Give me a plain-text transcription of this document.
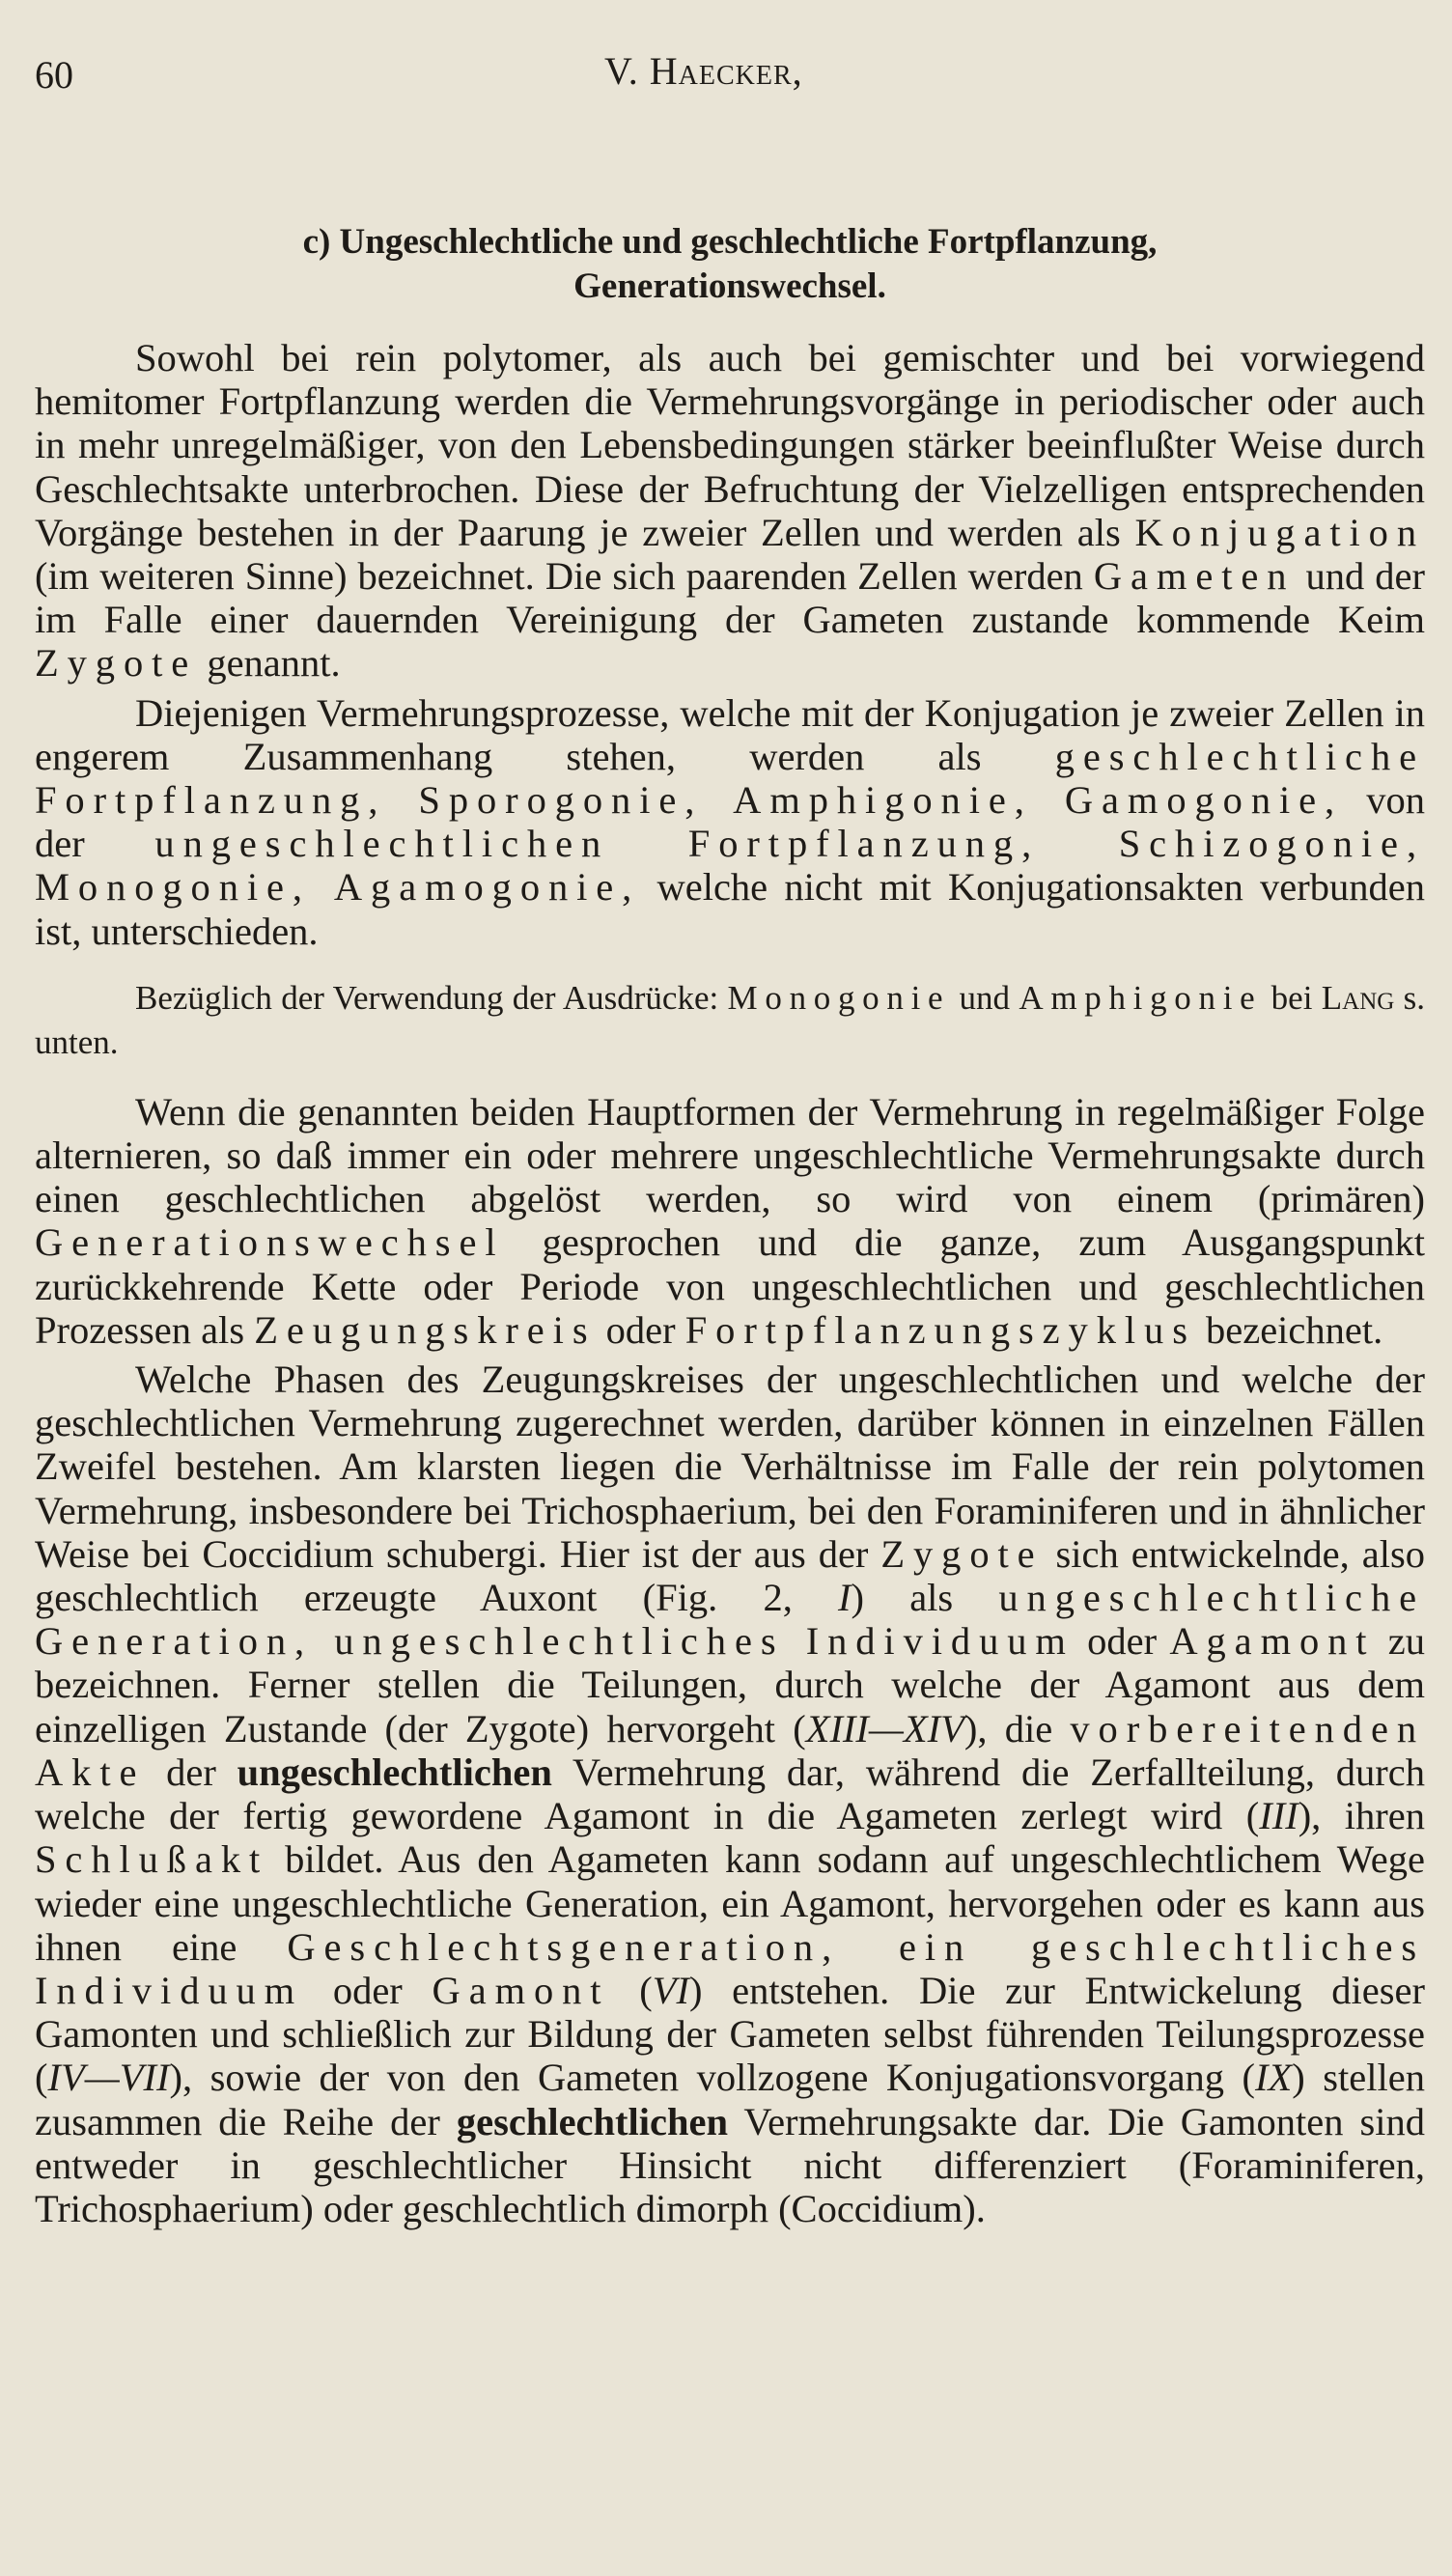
60	V. Haecker,
c) Ungeschlechtliche und geschlechtliche Fortpflanzung,
Generationswechsel.

Sowohl bei rein polytomer, als auch bei gemischter und bei vorwiegend hemitomer Fortpflanzung werden die Vermehrungsvorgänge in periodischer oder auch in mehr unregelmäßiger, von den Lebensbedingungen stärker beeinflußter Weise durch Geschlechtsakte unterbrochen. Diese der Befruchtung der Vielzelligen entsprechenden Vorgänge bestehen in der Paarung je zweier Zellen und werden als Konjugation (im weiteren Sinne) bezeichnet. Die sich paarenden Zellen werden Gameten und der im Falle einer dauernden Vereinigung der Gameten zustande kommende Keim Zygote genannt.

Diejenigen Vermehrungsprozesse, welche mit der Konjugation je zweier Zellen in engerem Zusammenhang stehen, werden als geschlechtliche Fortpflanzung, Sporogonie, Amphigonie, Gamogonie, von der ungeschlechtlichen Fortpflanzung, Schizogonie, Monogonie, Agamogonie, welche nicht mit Konjugationsakten verbunden ist, unterschieden.

Bezüglich der Verwendung der Ausdrücke: Monogonie und Amphigonie bei Lang s. unten.

Wenn die genannten beiden Hauptformen der Vermehrung in regelmäßiger Folge alternieren, so daß immer ein oder mehrere ungeschlechtliche Vermehrungsakte durch einen geschlechtlichen abgelöst werden, so wird von einem (primären) Generationswechsel gesprochen und die ganze, zum Ausgangspunkt zurückkehrende Kette oder Periode von ungeschlechtlichen und geschlechtlichen Prozessen als Zeugungskreis oder Fortpflanzungszyklus bezeichnet.

Welche Phasen des Zeugungskreises der ungeschlechtlichen und welche der geschlechtlichen Vermehrung zugerechnet werden, darüber können in einzelnen Fällen Zweifel bestehen. Am klarsten liegen die Verhältnisse im Falle der rein polytomen Vermehrung, insbesondere bei Trichosphaerium, bei den Foraminiferen und in ähnlicher Weise bei Coccidium schubergi. Hier ist der aus der Zygote sich entwickelnde, also geschlechtlich erzeugte Auxont (Fig. 2, I) als ungeschlechtliche Generation, ungeschlechtliches Individuum oder Agamont zu bezeichnen. Ferner stellen die Teilungen, durch welche der Agamont aus dem einzelligen Zustande (der Zygote) hervorgeht (XIII—XIV), die vorbereitenden Akte der ungeschlechtlichen Vermehrung dar, während die Zerfallteilung, durch welche der fertig gewordene Agamont in die Agameten zerlegt wird (III), ihren Schlußakt bildet. Aus den Agameten kann sodann auf ungeschlechtlichem Wege wieder eine ungeschlechtliche Generation, ein Agamont, hervorgehen oder es kann aus ihnen eine Geschlechtsgeneration, ein geschlechtliches Individuum oder Gamont (VI) entstehen. Die zur Entwickelung dieser Gamonten und schließlich zur Bildung der Gameten selbst führenden Teilungsprozesse (IV—VII), sowie der von den Gameten vollzogene Konjugationsvorgang (IX) stellen zusammen die Reihe der geschlechtlichen Vermehrungsakte dar. Die Gamonten sind entweder in geschlechtlicher Hinsicht nicht differenziert (Foraminiferen, Trichosphaerium) oder geschlechtlich dimorph (Coccidium).
